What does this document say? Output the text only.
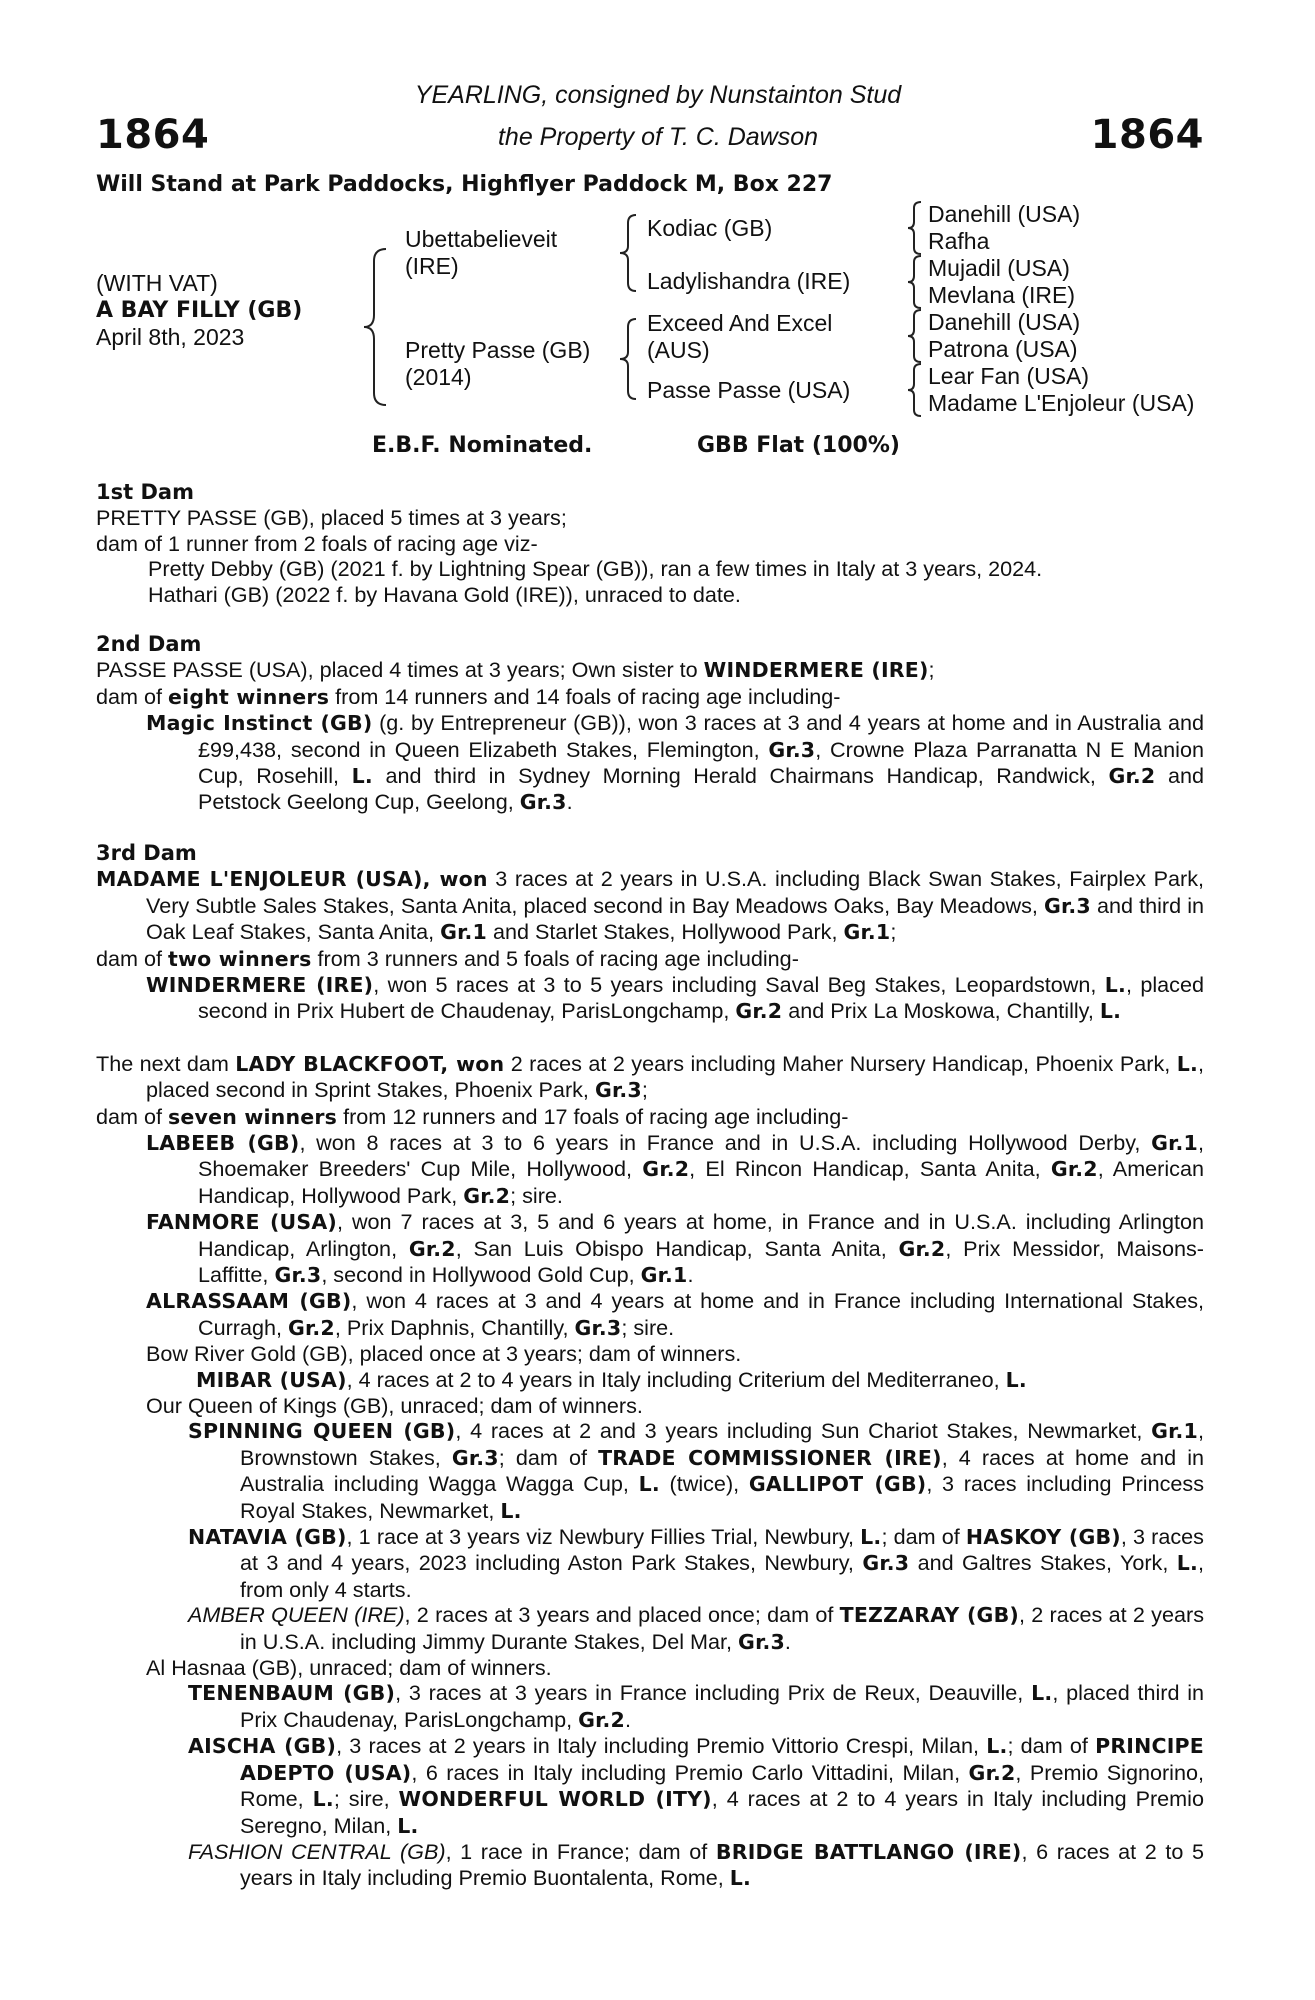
1864	1864
YEARLING, consigned by Nunstainton Stud
the Property of T. C. Dawson
Will Stand at Park Paddocks, Highflyer Paddock M, Box 227
(WITH VAT)
A BAY FILLY (GB)
April 8th, 2023
Ubettabelieveit
(IRE)
Pretty Passe (GB)
(2014)
Kodiac (GB)
Ladylishandra (IRE)
Exceed And Excel
(AUS)
Passe Passe (USA)
Danehill (USA)
Rafha
Mujadil (USA)
Mevlana (IRE)
Danehill (USA)
Patrona (USA)
Lear Fan (USA)
Madame L'Enjoleur (USA)
E.B.F. Nominated.	GBB Flat (100%)

1st Dam

PRETTY PASSE (GB), placed 5 times at 3 years;

dam of 1 runner from 2 foals of racing age viz-

Pretty Debby (GB) (2021 f. by Lightning Spear (GB)), ran a few times in Italy at 3 years, 2024.

Hathari (GB) (2022 f. by Havana Gold (IRE)), unraced to date.

2nd Dam

PASSE PASSE (USA), placed 4 times at 3 years; Own sister to WINDERMERE (IRE);

dam of eight winners from 14 runners and 14 foals of racing age including-

Magic Instinct (GB) (g. by Entrepreneur (GB)), won 3 races at 3 and 4 years at home and in Australia and £99,438, second in Queen Elizabeth Stakes, Flemington, Gr.3, Crowne Plaza Parranatta N E Manion Cup, Rosehill, L. and third in Sydney Morning Herald Chairmans Handicap, Randwick, Gr.2 and Petstock Geelong Cup, Geelong, Gr.3.

3rd Dam

MADAME L'ENJOLEUR (USA), won 3 races at 2 years in U.S.A. including Black Swan Stakes, Fairplex Park, Very Subtle Sales Stakes, Santa Anita, placed second in Bay Meadows Oaks, Bay Meadows, Gr.3 and third in Oak Leaf Stakes, Santa Anita, Gr.1 and Starlet Stakes, Hollywood Park, Gr.1;

dam of two winners from 3 runners and 5 foals of racing age including-

WINDERMERE (IRE), won 5 races at 3 to 5 years including Saval Beg Stakes, Leopardstown, L., placed second in Prix Hubert de Chaudenay, ParisLongchamp, Gr.2 and Prix La Moskowa, Chantilly, L.

The next dam LADY BLACKFOOT, won 2 races at 2 years including Maher Nursery Handicap, Phoenix Park, L., placed second in Sprint Stakes, Phoenix Park, Gr.3;

dam of seven winners from 12 runners and 17 foals of racing age including-

LABEEB (GB), won 8 races at 3 to 6 years in France and in U.S.A. including Hollywood Derby, Gr.1, Shoemaker Breeders' Cup Mile, Hollywood, Gr.2, El Rincon Handicap, Santa Anita, Gr.2, American Handicap, Hollywood Park, Gr.2; sire.

FANMORE (USA), won 7 races at 3, 5 and 6 years at home, in France and in U.S.A. including Arlington Handicap, Arlington, Gr.2, San Luis Obispo Handicap, Santa Anita, Gr.2, Prix Messidor, Maisons-Laffitte, Gr.3, second in Hollywood Gold Cup, Gr.1.

ALRASSAAM (GB), won 4 races at 3 and 4 years at home and in France including International Stakes, Curragh, Gr.2, Prix Daphnis, Chantilly, Gr.3; sire.

Bow River Gold (GB), placed once at 3 years; dam of winners.

MIBAR (USA), 4 races at 2 to 4 years in Italy including Criterium del Mediterraneo, L.

Our Queen of Kings (GB), unraced; dam of winners.

SPINNING QUEEN (GB), 4 races at 2 and 3 years including Sun Chariot Stakes, Newmarket, Gr.1, Brownstown Stakes, Gr.3; dam of TRADE COMMISSIONER (IRE), 4 races at home and in Australia including Wagga Wagga Cup, L. (twice), GALLIPOT (GB), 3 races including Princess Royal Stakes, Newmarket, L.

NATAVIA (GB), 1 race at 3 years viz Newbury Fillies Trial, Newbury, L.; dam of HASKOY (GB), 3 races at 3 and 4 years, 2023 including Aston Park Stakes, Newbury, Gr.3 and Galtres Stakes, York, L., from only 4 starts.

AMBER QUEEN (IRE), 2 races at 3 years and placed once; dam of TEZZARAY (GB), 2 races at 2 years in U.S.A. including Jimmy Durante Stakes, Del Mar, Gr.3.

Al Hasnaa (GB), unraced; dam of winners.

TENENBAUM (GB), 3 races at 3 years in France including Prix de Reux, Deauville, L., placed third in Prix Chaudenay, ParisLongchamp, Gr.2.

AISCHA (GB), 3 races at 2 years in Italy including Premio Vittorio Crespi, Milan, L.; dam of PRINCIPE ADEPTO (USA), 6 races in Italy including Premio Carlo Vittadini, Milan, Gr.2, Premio Signorino, Rome, L.; sire, WONDERFUL WORLD (ITY), 4 races at 2 to 4 years in Italy including Premio Seregno, Milan, L.

FASHION CENTRAL (GB), 1 race in France; dam of BRIDGE BATTLANGO (IRE), 6 races at 2 to 5 years in Italy including Premio Buontalenta, Rome, L.
